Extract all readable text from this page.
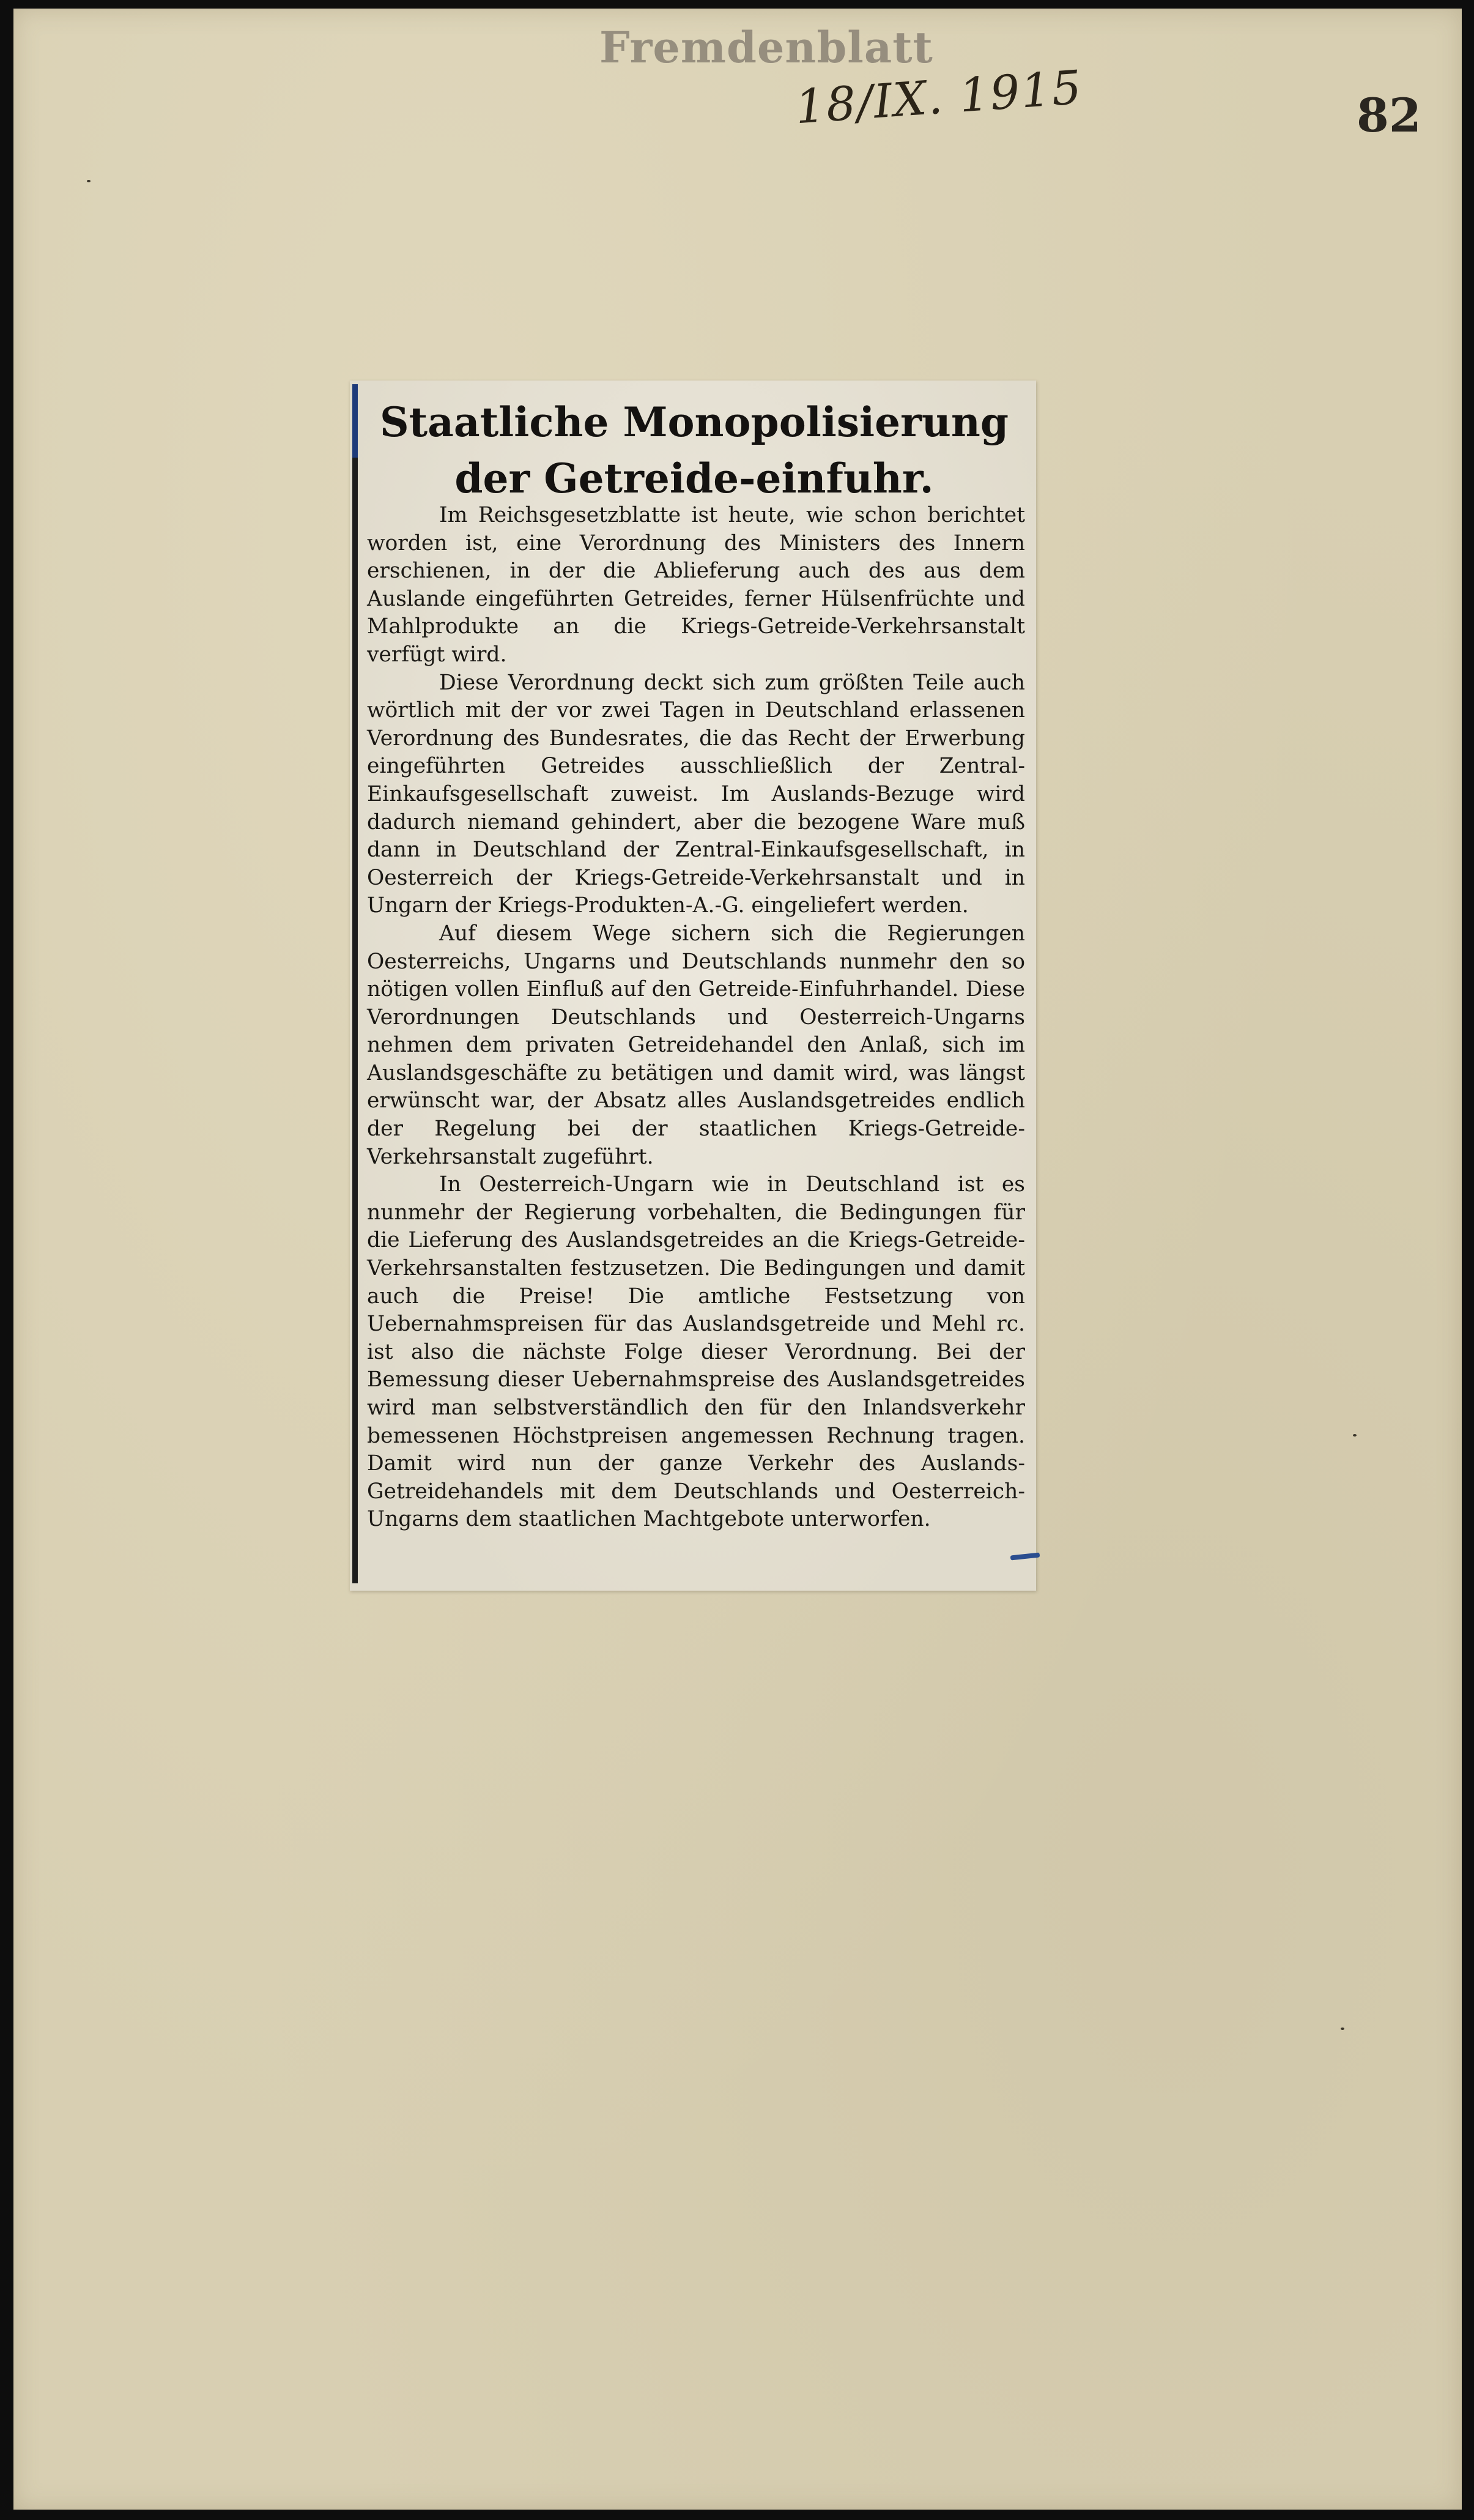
Fremdenblatt
18/IX. 1915	82
Staatliche Monopolisierung der Getreide-einfuhr.

Im Reichsgesetzblatte ist heute, wie schon berichtet worden ist, eine Verordnung des Ministers des Innern erschienen, in der die Ablieferung auch des aus dem Auslande eingeführten Getreides, ferner Hülsenfrüchte und Mahlprodukte an die Kriegs-Getreide-Verkehrsanstalt verfügt wird.

Diese Verordnung deckt sich zum größten Teile auch wörtlich mit der vor zwei Tagen in Deutschland erlassenen Verordnung des Bundesrates, die das Recht der Erwerbung eingeführten Getreides ausschließlich der Zentral-Einkaufsgesellschaft zuweist. Im Auslands-Bezuge wird dadurch niemand gehindert, aber die bezogene Ware muß dann in Deutschland der Zentral-Einkaufsgesellschaft, in Oesterreich der Kriegs-Getreide-Verkehrsanstalt und in Ungarn der Kriegs-Produkten-A.-G. eingeliefert werden.

Auf diesem Wege sichern sich die Regierungen Oesterreichs, Ungarns und Deutschlands nunmehr den so nötigen vollen Einfluß auf den Getreide-Einfuhrhandel. Diese Verordnungen Deutschlands und Oesterreich-Ungarns nehmen dem privaten Getreidehandel den Anlaß, sich im Auslandsgeschäfte zu betätigen und damit wird, was längst erwünscht war, der Absatz alles Auslandsgetreides endlich der Regelung bei der staatlichen Kriegs-Getreide-Verkehrsanstalt zugeführt.

In Oesterreich-Ungarn wie in Deutschland ist es nunmehr der Regierung vorbehalten, die Bedingungen für die Lieferung des Auslandsgetreides an die Kriegs-Getreide-Verkehrsanstalten festzusetzen. Die Bedingungen und damit auch die Preise! Die amtliche Festsetzung von Uebernahmspreisen für das Auslandsgetreide und Mehl rc. ist also die nächste Folge dieser Verordnung. Bei der Bemessung dieser Uebernahmspreise des Auslandsgetreides wird man selbstverständlich den für den Inlandsverkehr bemessenen Höchstpreisen angemessen Rechnung tragen. Damit wird nun der ganze Verkehr des Auslands-Getreidehandels mit dem Deutschlands und Oesterreich-Ungarns dem staatlichen Machtgebote unterworfen.
